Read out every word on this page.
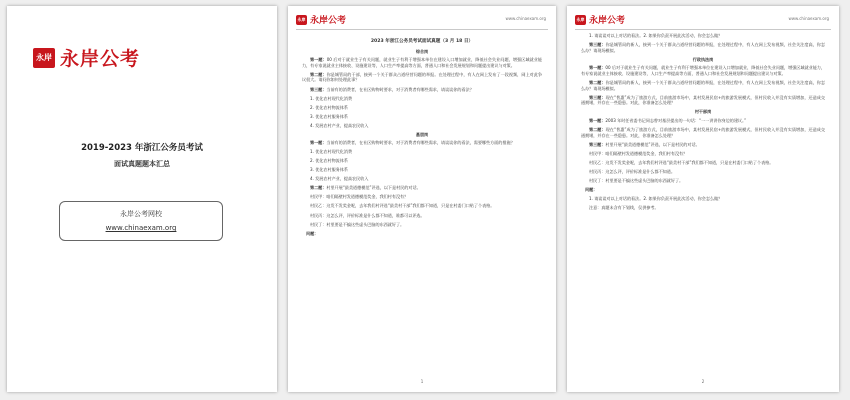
永岸 永岸公考
2019-2023 年浙江公务员考试
面试真题题本汇总
永岸公考网校
www.chinaexam.org
永岸 永岸公考	www.chinaexam.org
2023 年浙江公务员考试面试真题（3 月 18 日）
综合岗

第一题：00 后对于就业生子有关问题，就业生子有利于增强本单位在建设入口增加就业，降低社会失业问题，增强区域就业能力，有专家说就业主体接收、设施建设等，人口生产率提高等方面，普通人口和社会发展规划和问题提出建议与对策。

第二题：你是城管局的干部，接到一个关于群众占道经营问题的举报。在处理过程中，有人在网上发布了一段视频，网上对此争议很大。请问你如何处理此事？

第三题：当前有的消费者，在社区购物时要求，对于消费者有哪些需求，请谈谈你的看法？

1. 优化农村现代化消费
2. 优化农村物流体系
3. 优化农村服务体系
4. 发展农村产业，提高农民收入
基层岗

第一题：当前有的消费者，在社区购物时要求，对于消费者有哪些需求，请谈谈你的看法，需要哪些方面的措施？

1. 优化农村现代化消费
2. 优化农村物流体系
3. 优化农村服务体系
4. 发展农村产业，提高农民收入

第二题：村里开展“最美道德模范”评选，以下是村民的对话。

村民甲：咱们隔壁村发道德模范奖金，我们村有没有？

村民乙：这发不发奖金呢，去年我们村评选“最美村干部”我们都不知道，只是在村委门口贴了个表格。

村民丙：这怎么评，评价标准是什么都不知道，谁都可以评选。

村民丁：村里要是不搞这些虚头巴脑的东西就好了。

问题：
1
永岸 永岸公考	www.chinaexam.org
1. 请谈谈对以上对话的看法。2. 如果你负责开展此次活动，你会怎么做？

第三题：你是城管局的新人，接到一个关于群众占道经营问题的举报，在处理过程中，有人在网上发布视频，社会关注度高，你怎么办？请现场模拟。

行政执法岗

第一题：00 后对于就业生子有关问题，就业生子有利于增强本单位在建设入口增加就业，降低社会失业问题，增强区域就业能力，有专家说就业主体接收、设施建设等，人口生产率提高等方面，普通人口和社会发展规划和问题提出建议与对策。

第二题：你是城管局的新人，接到一个关于群众占道经营问题的举报，在处理过程中，有人在网上发布视频，社会关注度高，你怎么办？请现场模拟。

第三题：现在“普惠”成为了旅游方式，目前旅游市场中，某村发展民宿+的旅游发展模式，但村民收入并没有实质增加，还造成交通拥堵，并存在一些隐患。对此，你准备怎么处理？

村干部岗

第一题：2003 年时任省委书记同志曾对基层提出的一句话：“一一讲讲你身边的建议。”

第二题：现在“普惠”成为了旅游方式，目前旅游市场中，某村发展民宿+的旅游发展模式，但村民收入并没有实质增加，还造成交通拥堵，并存在一些隐患。对此，你准备怎么处理？

第三题：村里开展“最美道德模范”评选，以下是村民的对话。

村民甲：咱们隔壁村发道德模范奖金，我们村有没有？

村民乙：这发不发奖金呢，去年我们村评选“最美村干部”我们都不知道，只是在村委门口贴了个表格。

村民丙：这怎么评，评价标准是什么都不知道。

村民丁：村里要是不搞这些虚头巴脑的东西就好了。

问题：
1. 请谈谈对以上对话的看法。2. 如果你负责开展此次活动，你会怎么做？
注意：真题未含有下划线，仅供参考。
2
